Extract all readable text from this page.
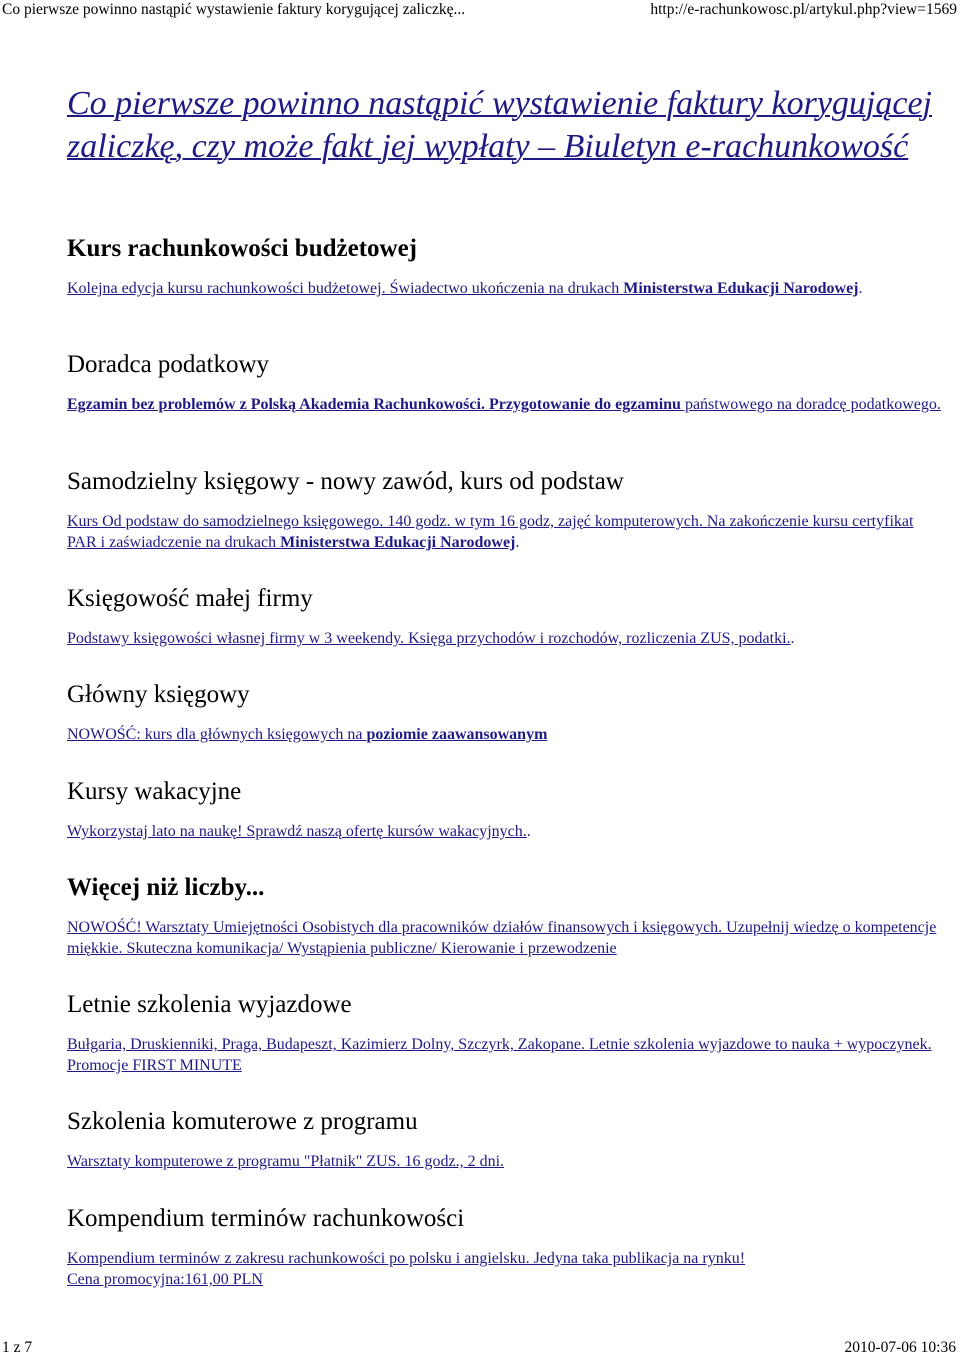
Co pierwsze powinno nastąpić wystawienie faktury korygującej zaliczkę...	http://e-rachunkowosc.pl/artykul.php?view=1569
Co pierwsze powinno nastąpić wystawienie faktury korygującej zaliczkę, czy może fakt jej wypłaty – Biuletyn e-rachunkowość
Kurs rachunkowości budżetowej

Kolejna edycja kursu rachunkowości budżetowej. Świadectwo ukończenia na drukach Ministerstwa Edukacji Narodowej.

Doradca podatkowy

Egzamin bez problemów z Polską Akademia Rachunkowości. Przygotowanie do egzaminu państwowego na doradcę podatkowego.

Samodzielny księgowy - nowy zawód, kurs od podstaw

Kurs Od podstaw do samodzielnego księgowego. 140 godz. w tym 16 godz, zajęć komputerowych. Na zakończenie kursu certyfikat PAR i zaświadczenie na drukach Ministerstwa Edukacji Narodowej.

Księgowość małej firmy

Podstawy księgowości własnej firmy w 3 weekendy. Księga przychodów i rozchodów, rozliczenia ZUS, podatki..

Główny księgowy

NOWOŚĆ: kurs dla głównych księgowych na poziomie zaawansowanym

Kursy wakacyjne

Wykorzystaj lato na naukę! Sprawdź naszą ofertę kursów wakacyjnych..

Więcej niż liczby...

NOWOŚĆ! Warsztaty Umiejętności Osobistych dla pracowników działów finansowych i księgowych. Uzupełnij wiedzę o kompetencje miękkie. Skuteczna komunikacja/ Wystąpienia publiczne/ Kierowanie i przewodzenie

Letnie szkolenia wyjazdowe

Bułgaria, Druskienniki, Praga, Budapeszt, Kazimierz Dolny, Szczyrk, Zakopane. Letnie szkolenia wyjazdowe to nauka + wypoczynek. Promocje FIRST MINUTE

Szkolenia komuterowe z programu

Warsztaty komputerowe z programu "Płatnik" ZUS. 16 godz., 2 dni.

Kompendium terminów rachunkowości

Kompendium terminów z zakresu rachunkowości po polsku i angielsku. Jedyna taka publikacja na rynku!
Cena promocyjna:161,00 PLN

1 z 7	2010-07-06 10:36
